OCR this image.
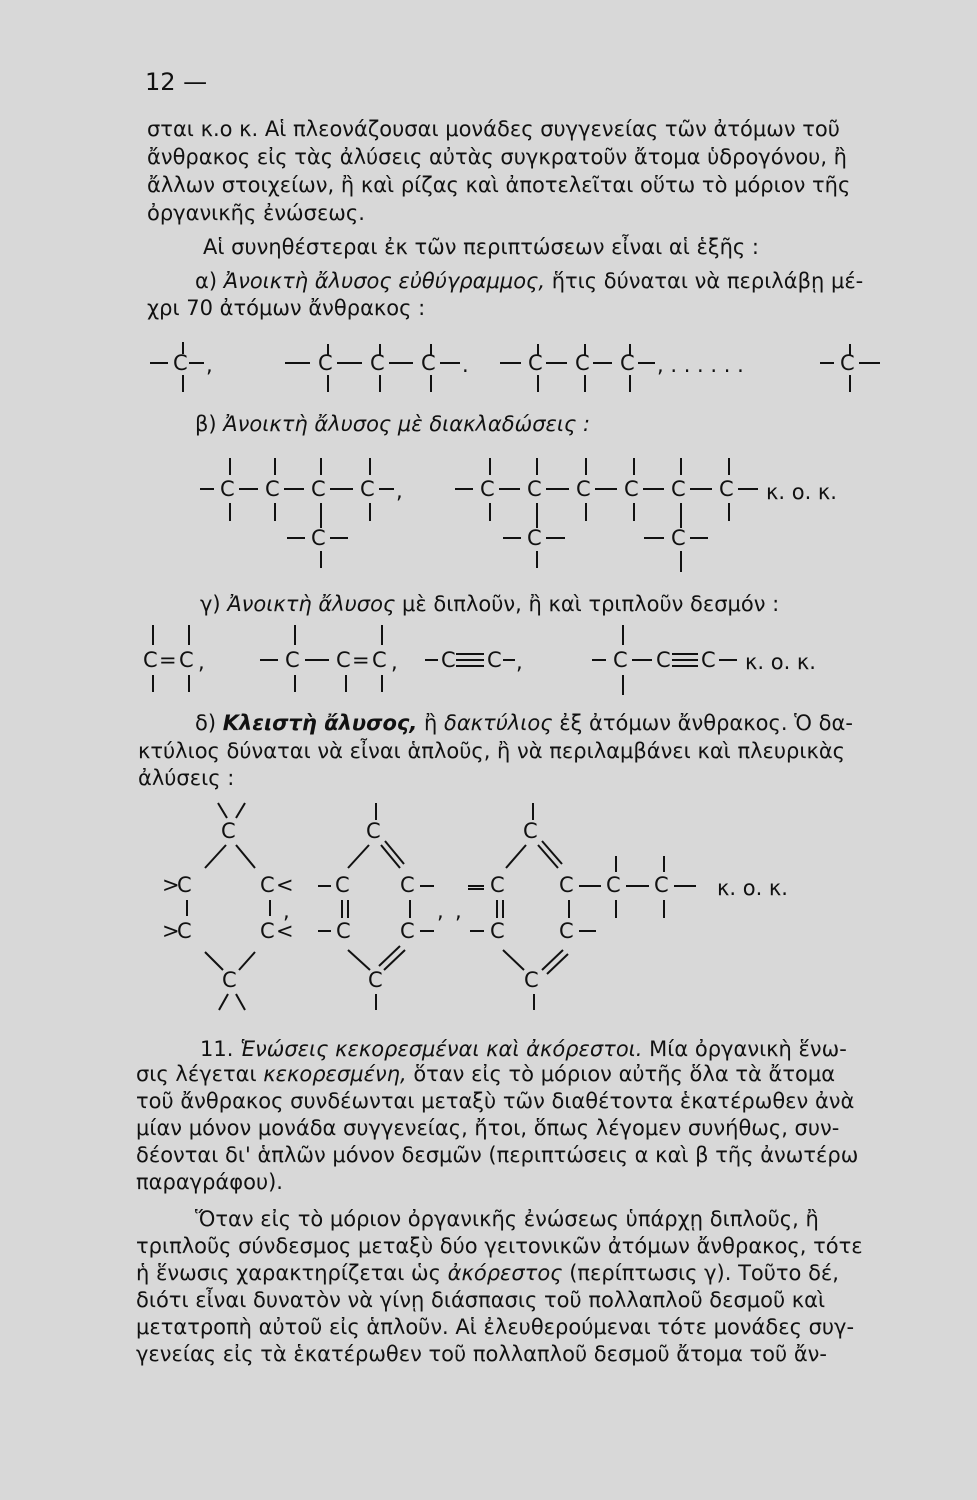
12 —
σται κ.ο κ. Αἱ πλεονάζουσαι μονάδες συγγενείας τῶν ἀτόμων τοῦ
ἄνθρακος εἰς τὰς ἀλύσεις αὐτὰς συγκρατοῦν ἄτομα ὑδρογόνου, ἢ
ἄλλων στοιχείων, ἢ καὶ ρίζας καὶ ἀποτελεῖται οὕτω τὸ μόριον τῆς
ὀργανικῆς ἐνώσεως.
Αἱ συνηθέστεραι ἐκ τῶν περιπτώσεων εἶναι αἱ ἑξῆς :
α) Ἀνοικτὴ ἄλυσος εὐθύγραμμος, ἥτις δύναται νὰ περιλάβῃ μέ-
χρι 70 ἀτόμων ἄνθρακος :
β) Ἀνοικτὴ ἄλυσος μὲ διακλαδώσεις :
γ) Ἀνοικτὴ ἄλυσος μὲ διπλοῦν, ἢ καὶ τριπλοῦν δεσμόν :
δ) Κλειστὴ ἄλυσος, ἢ δακτύλιος ἐξ ἀτόμων ἄνθρακος. Ὁ δα-
κτύλιος δύναται νὰ εἶναι ἁπλοῦς, ἢ νὰ περιλαμβάνει καὶ πλευρικὰς
ἀλύσεις :
C ,	C C C .	C C C , . . . . . .	C
C C C C ,
C
C C C C C C
C	C
κ. ο. κ.
C = C ,	C C = C , C C ,	C C C κ. ο. κ.
C
>
C	C <
,
>
C	C <
C
C
C C
,
C C
C
C
C	C C C
,
C	C
C
κ. ο. κ.
11. Ἑνώσεις κεκορεσμέναι καὶ ἀκόρεστοι. Μία ὀργανικὴ ἕνω-
σις λέγεται κεκορεσμένη, ὅταν εἰς τὸ μόριον αὐτῆς ὅλα τὰ ἄτομα
τοῦ ἄνθρακος συνδέωνται μεταξὺ τῶν διαθέτοντα ἑκατέρωθεν ἀνὰ
μίαν μόνον μονάδα συγγενείας, ἤτοι, ὅπως λέγομεν συνήθως, συν-
δέονται δι' ἁπλῶν μόνον δεσμῶν (περιπτώσεις α καὶ β τῆς ἀνωτέρω
παραγράφου).
Ὅταν εἰς τὸ μόριον ὀργανικῆς ἐνώσεως ὑπάρχῃ διπλοῦς, ἢ
τριπλοῦς σύνδεσμος μεταξὺ δύο γειτονικῶν ἀτόμων ἄνθρακος, τότε
ἡ ἕνωσις χαρακτηρίζεται ὡς ἀκόρεστος (περίπτωσις γ). Τοῦτο δέ,
διότι εἶναι δυνατὸν νὰ γίνῃ διάσπασις τοῦ πολλαπλοῦ δεσμοῦ καὶ
μετατροπὴ αὐτοῦ εἰς ἁπλοῦν. Αἱ ἐλευθερούμεναι τότε μονάδες συγ-
γενείας εἰς τὰ ἑκατέρωθεν τοῦ πολλαπλοῦ δεσμοῦ ἄτομα τοῦ ἄν-
